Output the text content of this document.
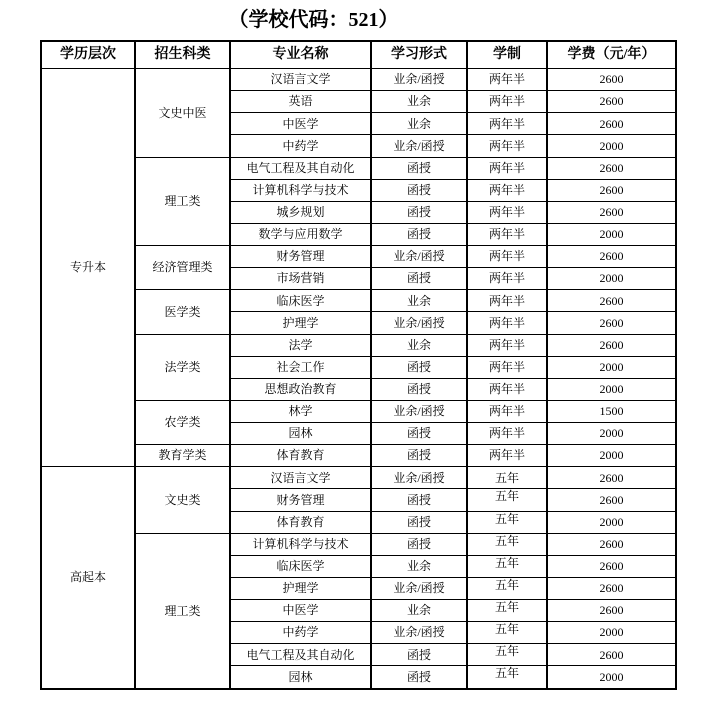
（学校代码：521）
学历层次	招生科类	专业名称	学习形式	学制	学费（元/年）
专升本	文史中医	汉语言文学	业余/函授	两年半	2600
		英语	业余	两年半	2600
		中医学	业余	两年半	2600
		中药学	业余/函授	两年半	2000
	理工类	电气工程及其自动化	函授	两年半	2600
		计算机科学与技术	函授	两年半	2600
		城乡规划	函授	两年半	2600
		数学与应用数学	函授	两年半	2000
	经济管理类	财务管理	业余/函授	两年半	2600
		市场营销	函授	两年半	2000
	医学类	临床医学	业余	两年半	2600
		护理学	业余/函授	两年半	2600
	法学类	法学	业余	两年半	2600
		社会工作	函授	两年半	2000
		思想政治教育	函授	两年半	2000
	农学类	林学	业余/函授	两年半	1500
		园林	函授	两年半	2000
	教育学类	体育教育	函授	两年半	2000
高起本	文史类	汉语言文学	业余/函授	五年	2600
		财务管理	函授	五年	2600
		体育教育	函授	五年	2000
	理工类	计算机科学与技术	函授	五年	2600
		临床医学	业余	五年	2600
		护理学	业余/函授	五年	2600
		中医学	业余	五年	2600
		中药学	业余/函授	五年	2000
		电气工程及其自动化	函授	五年	2600
		园林	函授	五年	2000
